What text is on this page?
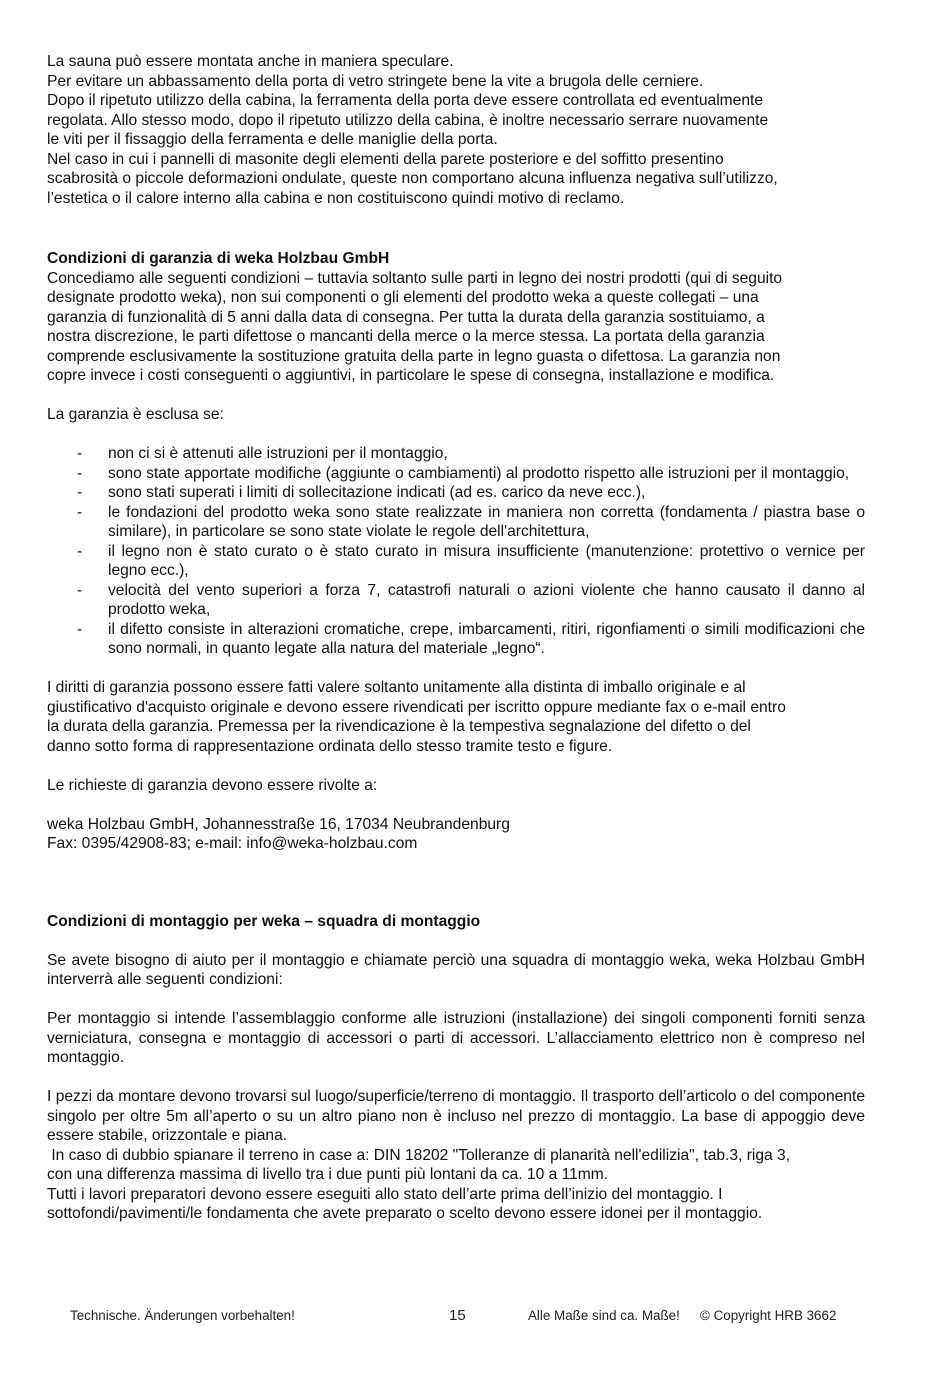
La sauna può essere montata anche in maniera speculare.
Per evitare un abbassamento della porta di vetro stringete bene la vite a brugola delle cerniere.
Dopo il ripetuto utilizzo della cabina, la ferramenta della porta deve essere controllata ed eventualmente
regolata. Allo stesso modo, dopo il ripetuto utilizzo della cabina, è inoltre necessario serrare nuovamente
le viti per il fissaggio della ferramenta e delle maniglie della porta.
Nel caso in cui i pannelli di masonite degli elementi della parete posteriore e del soffitto presentino
scabrosità o piccole deformazioni ondulate, queste non comportano alcuna influenza negativa sull’utilizzo,
l’estetica o il calore interno alla cabina e non costituiscono quindi motivo di reclamo.
Condizioni di garanzia di weka Holzbau GmbH
Concediamo alle seguenti condizioni – tuttavia soltanto sulle parti in legno dei nostri prodotti (qui di seguito
designate prodotto weka), non sui componenti o gli elementi del prodotto weka a queste collegati – una
garanzia di funzionalità di 5 anni dalla data di consegna. Per tutta la durata della garanzia sostituiamo, a
nostra discrezione, le parti difettose o mancanti della merce o la merce stessa. La portata della garanzia
comprende esclusivamente la sostituzione gratuita della parte in legno guasta o difettosa. La garanzia non
copre invece i costi conseguenti o aggiuntivi, in particolare le spese di consegna, installazione e modifica.
La garanzia è esclusa se:
- non ci si è attenuti alle istruzioni per il montaggio,
- sono state apportate modifiche (aggiunte o cambiamenti) al prodotto rispetto alle istruzioni per il montaggio,
- sono stati superati i limiti di sollecitazione indicati (ad es. carico da neve ecc.),
- le fondazioni del prodotto weka sono state realizzate in maniera non corretta (fondamenta / piastra base o similare), in particolare se sono state violate le regole dell'architettura,
- il legno non è stato curato o è stato curato in misura insufficiente (manutenzione: protettivo o vernice per legno ecc.),
- velocità del vento superiori a forza 7, catastrofi naturali o azioni violente che hanno causato il danno al prodotto weka,
- il difetto consiste in alterazioni cromatiche, crepe, imbarcamenti, ritiri, rigonfiamenti o simili modificazioni che sono normali, in quanto legate alla natura del materiale „legno“.
I diritti di garanzia possono essere fatti valere soltanto unitamente alla distinta di imballo originale e al
giustificativo d'acquisto originale e devono essere rivendicati per iscritto oppure mediante fax o e-mail entro
la durata della garanzia. Premessa per la rivendicazione è la tempestiva segnalazione del difetto o del
danno sotto forma di rappresentazione ordinata dello stesso tramite testo e figure.
Le richieste di garanzia devono essere rivolte a:
weka Holzbau GmbH, Johannesstraße 16, 17034 Neubrandenburg
Fax: 0395/42908-83; e-mail: info@weka-holzbau.com
Condizioni di montaggio per weka – squadra di montaggio

Se avete bisogno di aiuto per il montaggio e chiamate perciò una squadra di montaggio weka, weka Holzbau GmbH interverrà alle seguenti condizioni:

Per montaggio si intende l’assemblaggio conforme alle istruzioni (installazione) dei singoli componenti forniti senza verniciatura, consegna e montaggio di accessori o parti di accessori. L’allacciamento elettrico non è compreso nel montaggio.

I pezzi da montare devono trovarsi sul luogo/superficie/terreno di montaggio. Il trasporto dell’articolo o del componente singolo per oltre 5m all’aperto o su un altro piano non è incluso nel prezzo di montaggio. La base di appoggio deve essere stabile, orizzontale e piana.

In caso di dubbio spianare il terreno in case a: DIN 18202 "Tolleranze di planarità nell'edilizia", tab.3, riga 3,
con una differenza massima di livello tra i due punti più lontani da ca. 10 a 11mm.
Tutti i lavori preparatori devono essere eseguiti allo stato dell’arte prima dell’inizio del montaggio. I
sottofondi/pavimenti/le fondamenta che avete preparato o scelto devono essere idonei per il montaggio.
Technische. Änderungen vorbehalten!	15	Alle Maße sind ca. Maße! © Copyright HRB 3662
